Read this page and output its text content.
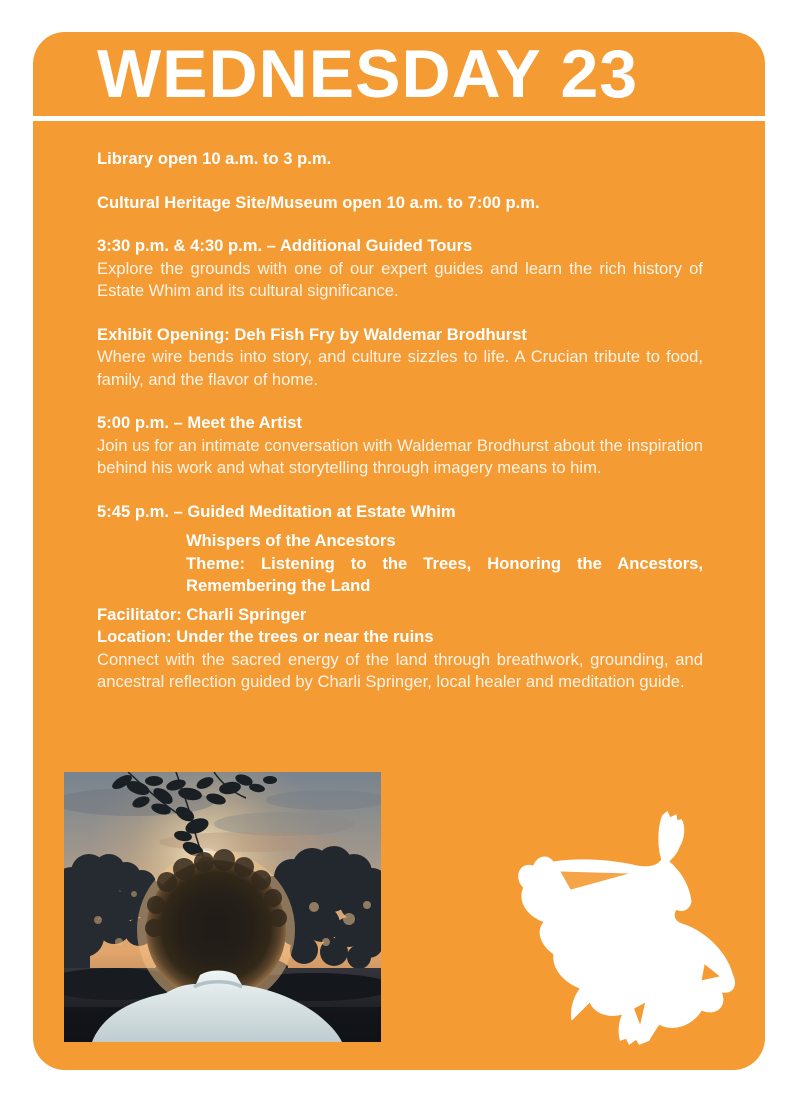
WEDNESDAY 23
Library open 10 a.m. to 3 p.m.
Cultural Heritage Site/Museum open 10 a.m. to 7:00 p.m.
3:30 p.m. & 4:30 p.m. – Additional Guided Tours

Explore the grounds with one of our expert guides and learn the rich history of Estate Whim and its cultural significance.

Exhibit Opening: Deh Fish Fry by Waldemar Brodhurst

Where wire bends into story, and culture sizzles to life. A Crucian tribute to food, family, and the flavor of home.

5:00 p.m. – Meet the Artist

Join us for an intimate conversation with Waldemar Brodhurst about the inspiration behind his work and what storytelling through imagery means to him.

5:45 p.m. – Guided Meditation at Estate Whim
Whispers of the Ancestors
Theme: Listening to the Trees, Honoring the Ancestors, Remembering the Land
Facilitator: Charli Springer
Location: Under the trees or near the ruins

Connect with the sacred energy of the land through breathwork, grounding, and ancestral reflection guided by Charli Springer, local healer and meditation guide.
